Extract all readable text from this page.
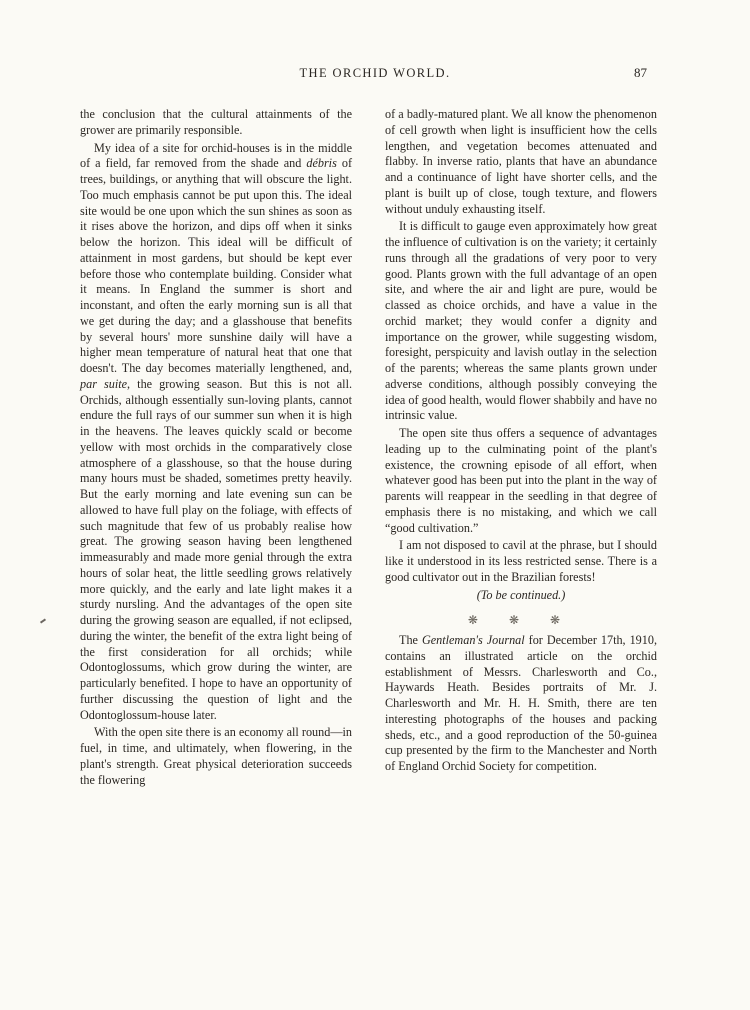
THE ORCHID WORLD.	87

the conclusion that the cultural attainments of the grower are primarily responsible.

My idea of a site for orchid-houses is in the middle of a field, far removed from the shade and débris of trees, buildings, or anything that will obscure the light. Too much emphasis cannot be put upon this. The ideal site would be one upon which the sun shines as soon as it rises above the horizon, and dips off when it sinks below the horizon. This ideal will be difficult of attainment in most gardens, but should be kept ever before those who contemplate building. Consider what it means. In England the summer is short and inconstant, and often the early morning sun is all that we get during the day; and a glasshouse that benefits by several hours' more sunshine daily will have a higher mean temperature of natural heat that one that doesn't. The day becomes materially lengthened, and, par suite, the growing season. But this is not all. Orchids, although essentially sun-loving plants, cannot endure the full rays of our summer sun when it is high in the heavens. The leaves quickly scald or become yellow with most orchids in the comparatively close atmosphere of a glasshouse, so that the house during many hours must be shaded, sometimes pretty heavily. But the early morning and late evening sun can be allowed to have full play on the foliage, with effects of such magnitude that few of us probably realise how great. The growing season having been lengthened immeasurably and made more genial through the extra hours of solar heat, the little seedling grows relatively more quickly, and the early and late light makes it a sturdy nursling. And the advantages of the open site during the growing season are equalled, if not eclipsed, during the winter, the benefit of the extra light being of the first consideration for all orchids; while Odontoglossums, which grow during the winter, are particularly benefited. I hope to have an opportunity of further discussing the question of light and the Odontoglossum-house later.

With the open site there is an economy all round—in fuel, in time, and ultimately, when flowering, in the plant's strength. Great physical deterioration succeeds the flowering

of a badly-matured plant. We all know the phenomenon of cell growth when light is insufficient how the cells lengthen, and vegetation becomes attenuated and flabby. In inverse ratio, plants that have an abundance and a continuance of light have shorter cells, and the plant is built up of close, tough texture, and flowers without unduly exhausting itself.

It is difficult to gauge even approximately how great the influence of cultivation is on the variety; it certainly runs through all the gradations of very poor to very good. Plants grown with the full advantage of an open site, and where the air and light are pure, would be classed as choice orchids, and have a value in the orchid market; they would confer a dignity and importance on the grower, while suggesting wisdom, foresight, perspicuity and lavish outlay in the selection of the parents; whereas the same plants grown under adverse conditions, although possibly conveying the idea of good health, would flower shabbily and have no intrinsic value.

The open site thus offers a sequence of advantages leading up to the culminating point of the plant's existence, the crowning episode of all effort, when whatever good has been put into the plant in the way of parents will reappear in the seedling in that degree of emphasis there is no mistaking, and which we call “good cultivation.”

I am not disposed to cavil at the phrase, but I should like it understood in its less restricted sense. There is a good cultivator out in the Brazilian forests!

(To be continued.)

❋ ❋ ❋

The Gentleman's Journal for December 17th, 1910, contains an illustrated article on the orchid establishment of Messrs. Charlesworth and Co., Haywards Heath. Besides portraits of Mr. J. Charlesworth and Mr. H. H. Smith, there are ten interesting photographs of the houses and packing sheds, etc., and a good reproduction of the 50-guinea cup presented by the firm to the Manchester and North of England Orchid Society for competition.
